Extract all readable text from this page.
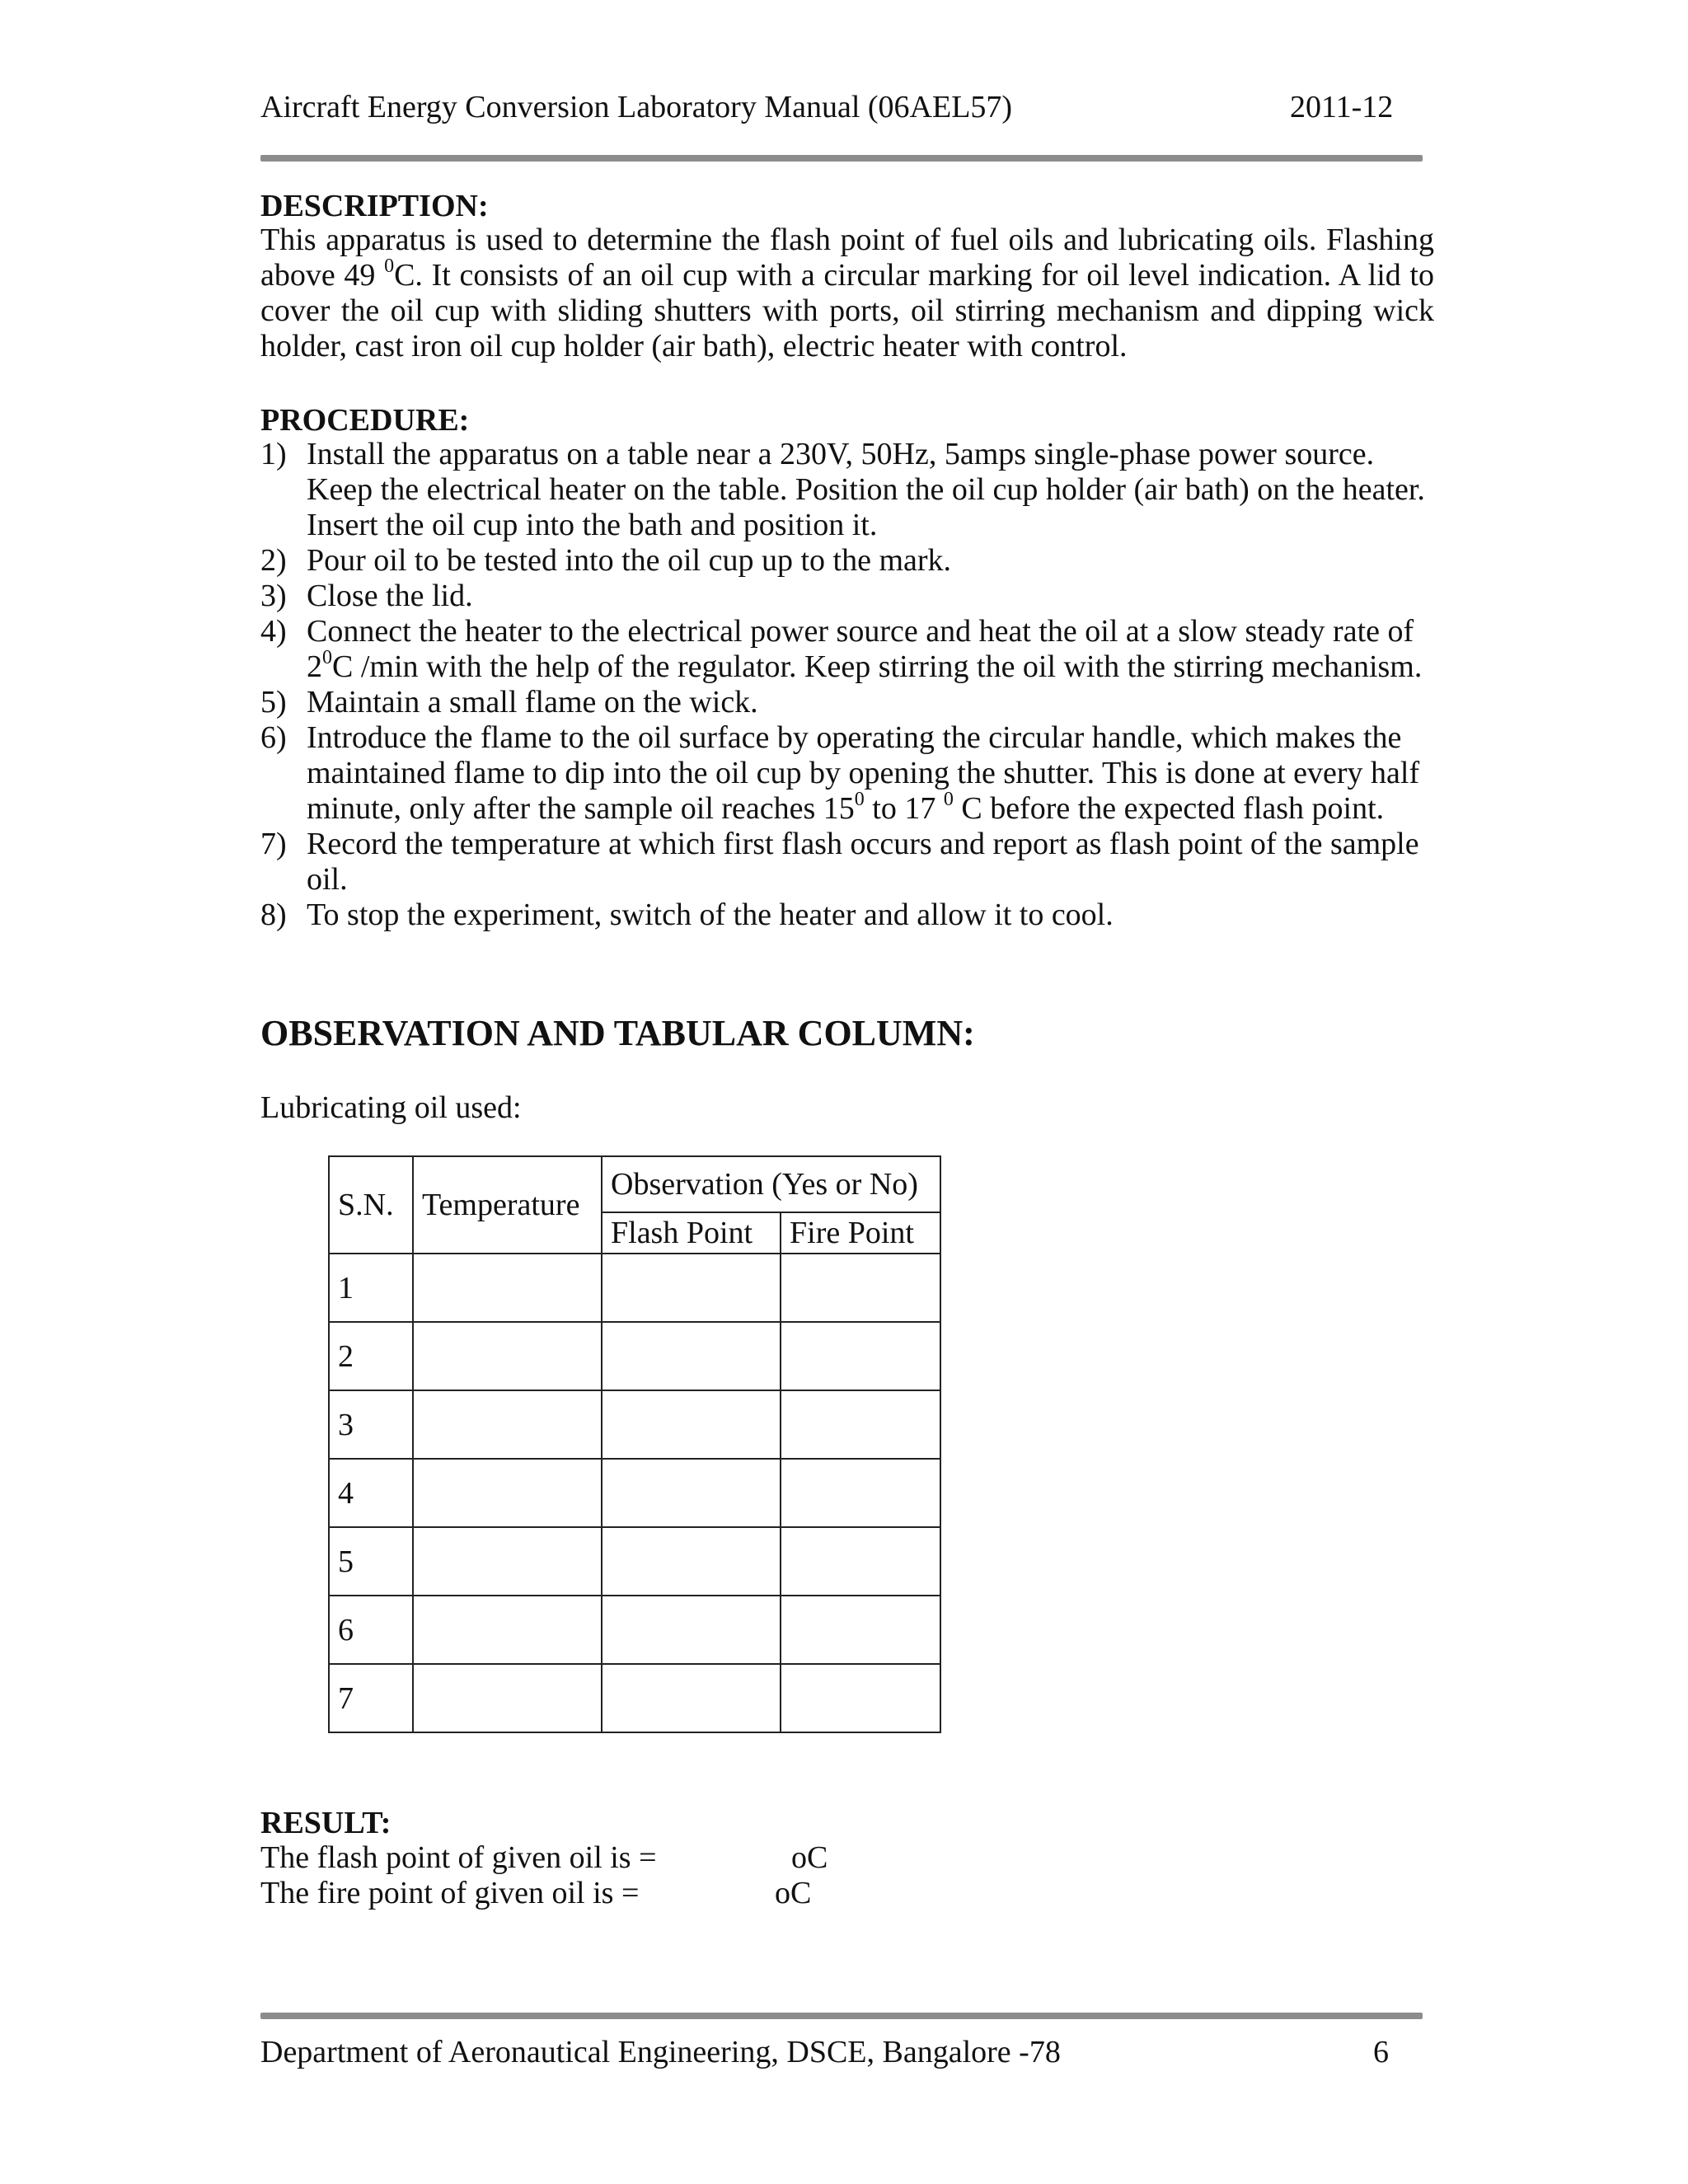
Aircraft Energy Conversion Laboratory Manual (06AEL57)	2011-12
DESCRIPTION:
This apparatus is used to determine the flash point of fuel oils and lubricating oils. Flashing above 49 $^0$C. It consists of an oil cup with a circular marking for oil level indication. A lid to cover the oil cup with sliding shutters with ports, oil stirring mechanism and dipping wick holder, cast iron oil cup holder (air bath), electric heater with control.
PROCEDURE:
1) Install the apparatus on a table near a 230V, 50Hz, 5amps single-phase power source. Keep the electrical heater on the table. Position the oil cup holder (air bath) on the heater. Insert the oil cup into the bath and position it.
2) Pour oil to be tested into the oil cup up to the mark.
3) Close the lid.
4) Connect the heater to the electrical power source and heat the oil at a slow steady rate of $2^0C$ /min with the help of the regulator. Keep stirring the oil with the stirring mechanism.
5) Maintain a small flame on the wick.
6) Introduce the flame to the oil surface by operating the circular handle, which makes the maintained flame to dip into the oil cup by opening the shutter. This is done at every half minute, only after the sample oil reaches $15^0$ to 17 $^0$ C before the expected flash point.
7) Record the temperature at which first flash occurs and report as flash point of the sample oil.
8) To stop the experiment, switch of the heater and allow it to cool.
OBSERVATION AND TABULAR COLUMN:
Lubricating oil used:
S.N.	Temperature	Observation (Yes or No)	
		Flash Point	Fire Point
1			
2			
3			
4			
5			
6			
7			
RESULT:
The flash point of given oil is =	oC
The fire point of given oil is =	oC
Department of Aeronautical Engineering, DSCE, Bangalore -78	6
